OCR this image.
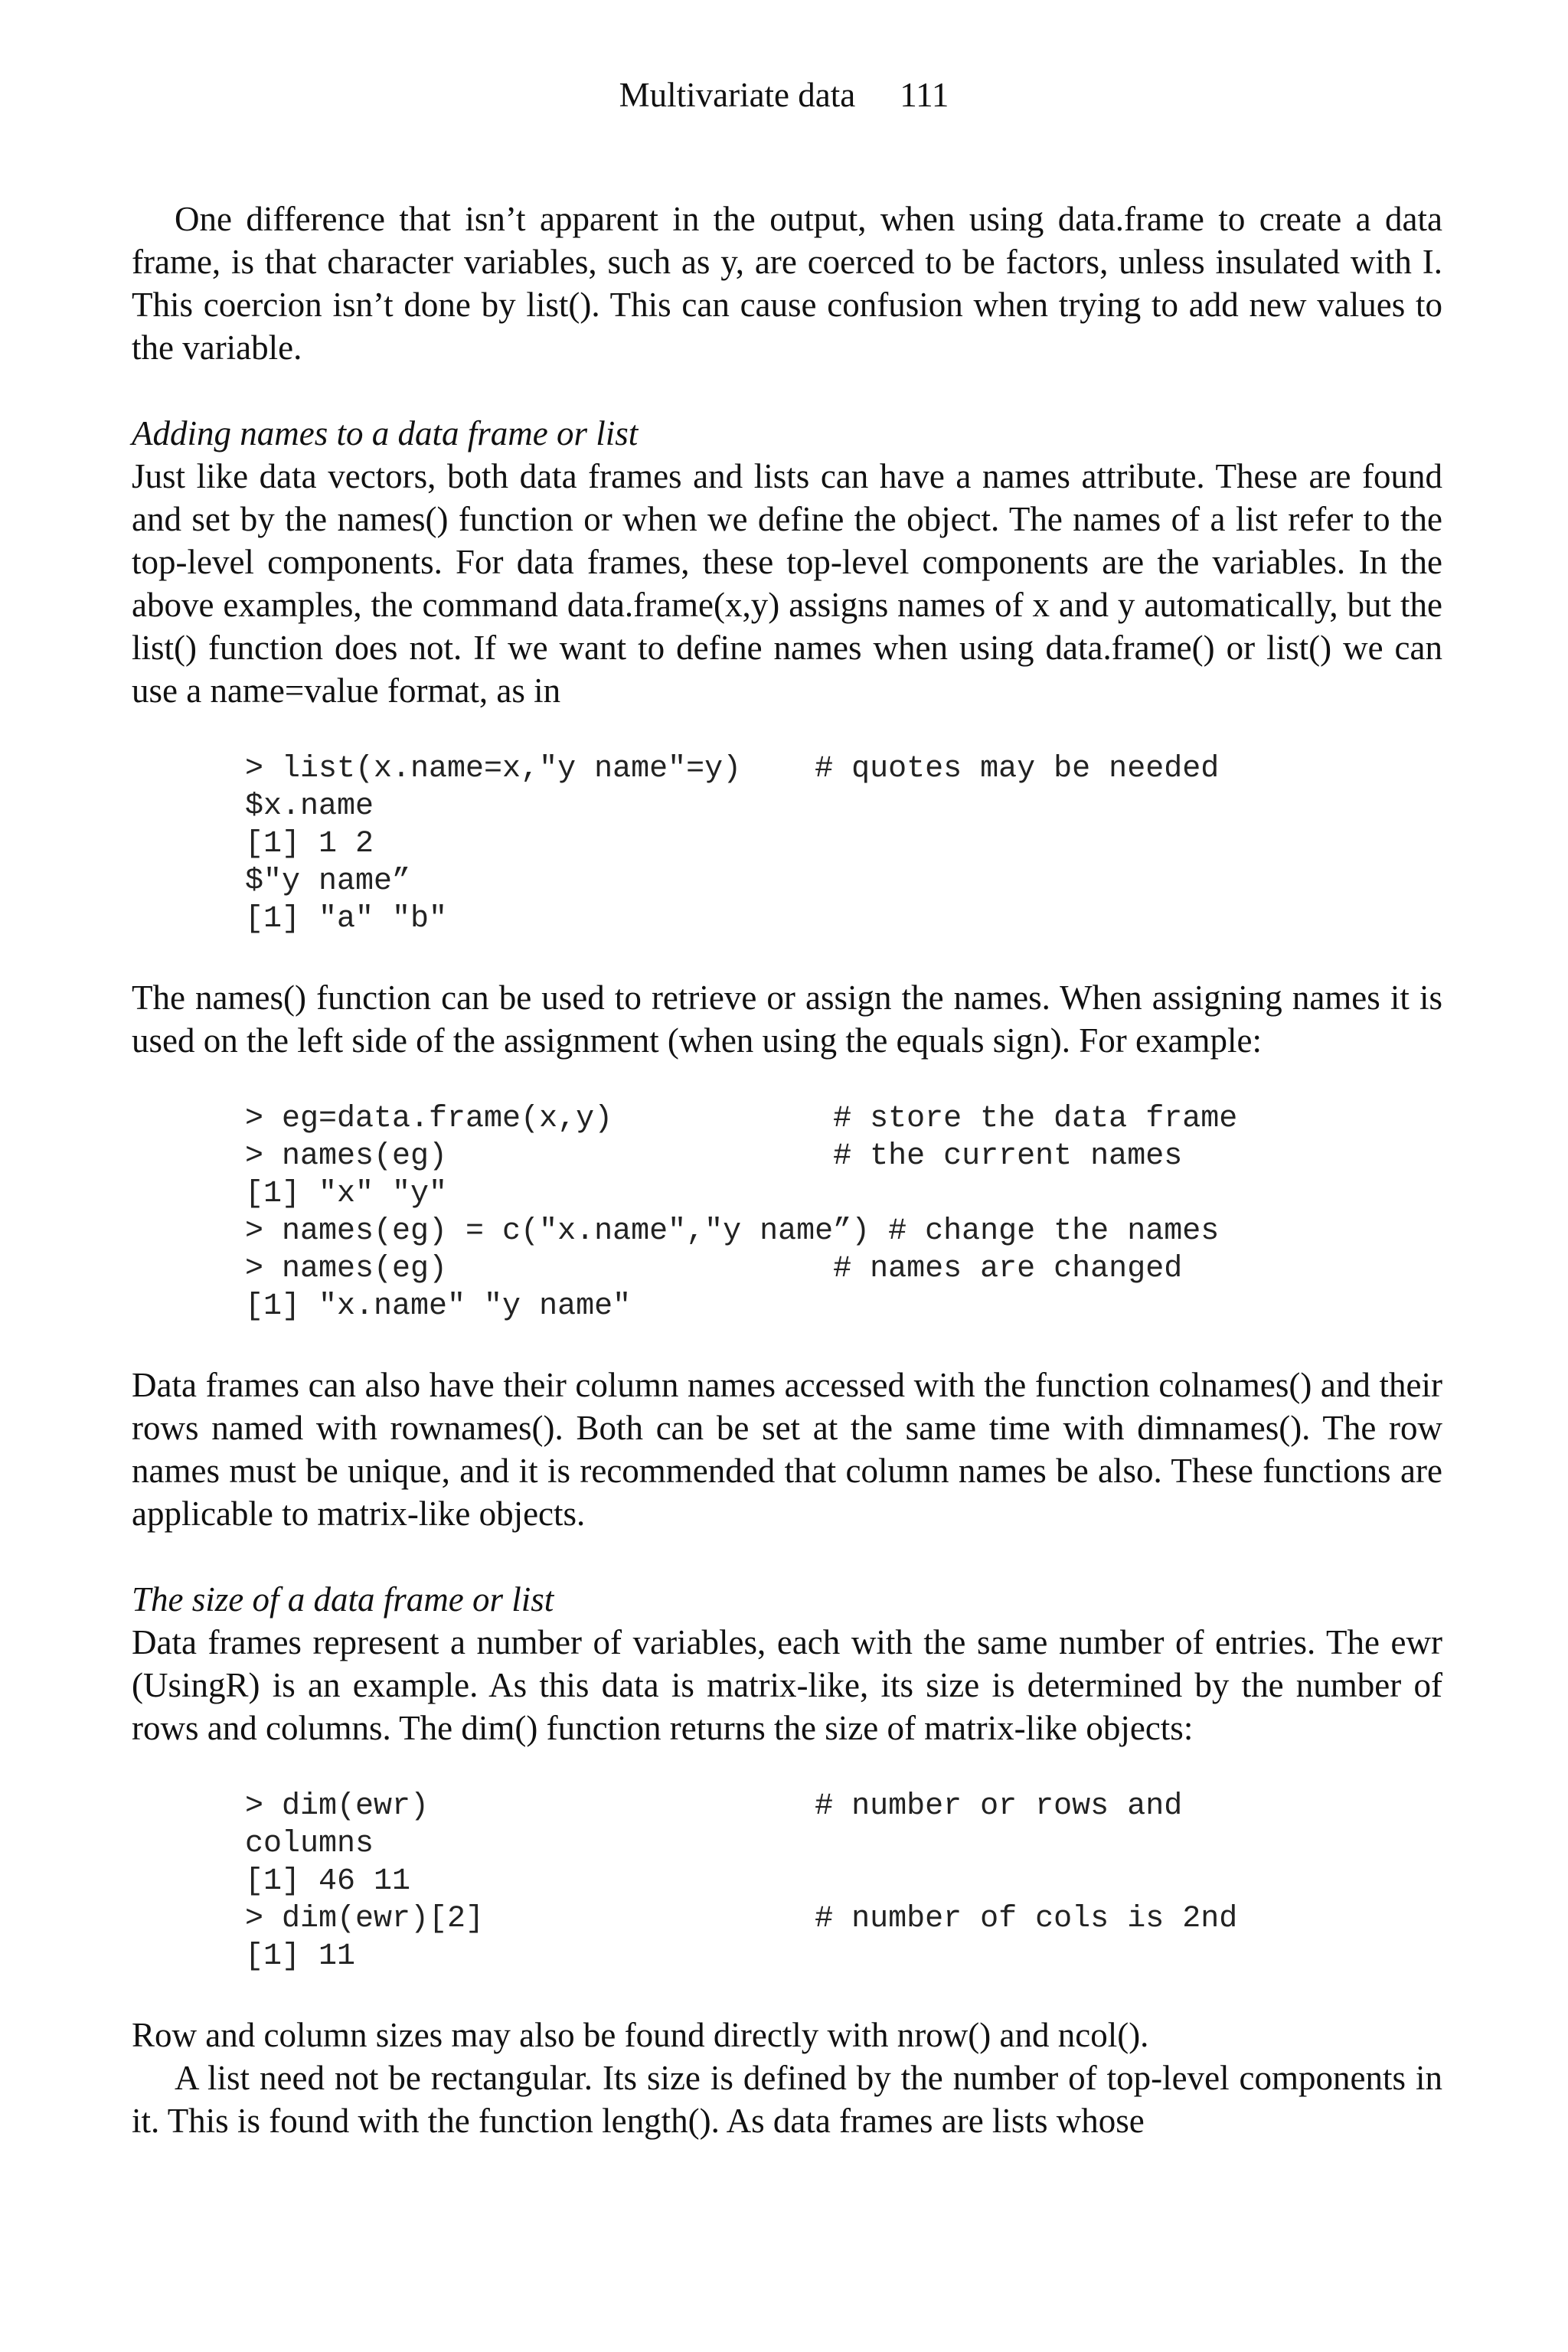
Multivariate data 111

One difference that isn’t apparent in the output, when using data.frame to create a data frame, is that character variables, such as y, are coerced to be factors, unless insulated with I. This coercion isn’t done by list(). This can cause confusion when trying to add new values to the variable.

Adding names to a data frame or list

Just like data vectors, both data frames and lists can have a names attribute. These are found and set by the names() function or when we define the object. The names of a list refer to the top-level components. For data frames, these top-level components are the variables. In the above examples, the command data.frame(x,y) assigns names of x and y automatically, but the list() function does not. If we want to define names when using data.frame() or list() we can use a name=value format, as in

> list(x.name=x,"y name"=y)    # quotes may be needed
$x.name
[1] 1 2
$"y name”
[1] "a" "b"

The names() function can be used to retrieve or assign the names. When assigning names it is used on the left side of the assignment (when using the equals sign). For example:

> eg=data.frame(x,y)            # store the data frame
> names(eg)                     # the current names
[1] "x" "y"
> names(eg) = c("x.name","y name”) # change the names
> names(eg)                     # names are changed
[1] "x.name" "y name"

Data frames can also have their column names accessed with the function colnames() and their rows named with rownames(). Both can be set at the same time with dimnames(). The row names must be unique, and it is recommended that column names be also. These functions are applicable to matrix-like objects.

The size of a data frame or list

Data frames represent a number of variables, each with the same number of entries. The ewr (UsingR) is an example. As this data is matrix-like, its size is determined by the number of rows and columns. The dim() function returns the size of matrix-like objects:

> dim(ewr)                     # number or rows and
columns
[1] 46 11
> dim(ewr)[2]                  # number of cols is 2nd
[1] 11

Row and column sizes may also be found directly with nrow() and ncol().

A list need not be rectangular. Its size is defined by the number of top-level components in it. This is found with the function length(). As data frames are lists whose
